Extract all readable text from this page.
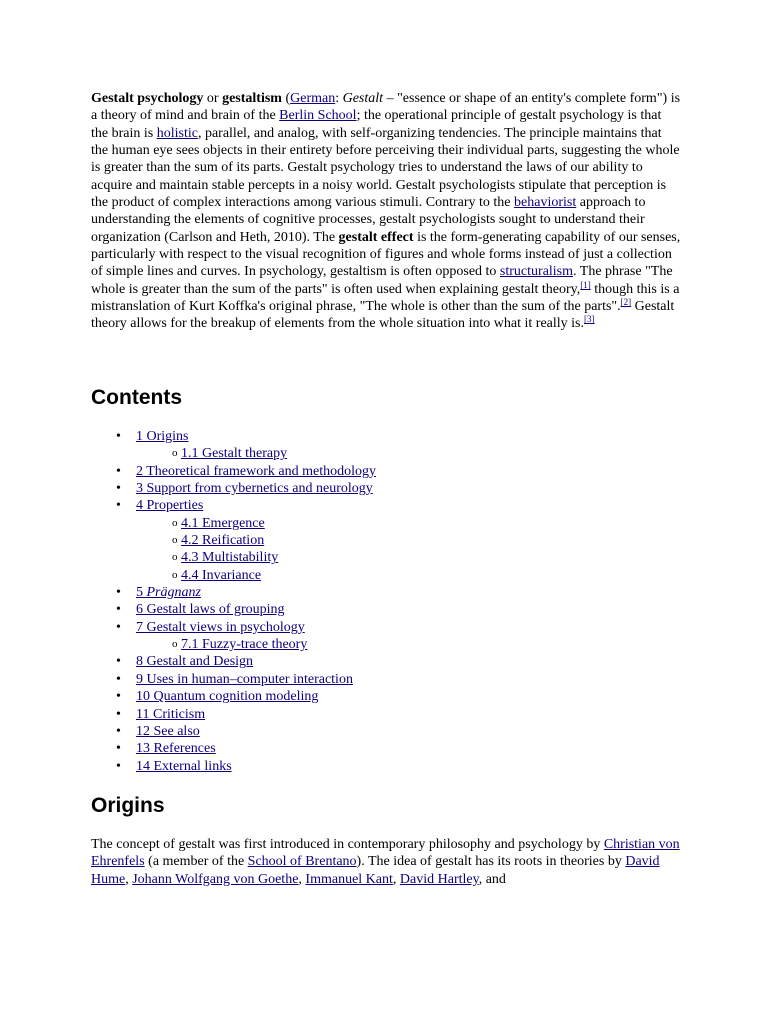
Gestalt psychology or gestaltism (German: Gestalt – "essence or shape of an entity's complete form") is a theory of mind and brain of the Berlin School; the operational principle of gestalt psychology is that the brain is holistic, parallel, and analog, with self-organizing tendencies. The principle maintains that the human eye sees objects in their entirety before perceiving their individual parts, suggesting the whole is greater than the sum of its parts. Gestalt psychology tries to understand the laws of our ability to acquire and maintain stable percepts in a noisy world. Gestalt psychologists stipulate that perception is the product of complex interactions among various stimuli. Contrary to the behaviorist approach to understanding the elements of cognitive processes, gestalt psychologists sought to understand their organization (Carlson and Heth, 2010). The gestalt effect is the form-generating capability of our senses, particularly with respect to the visual recognition of figures and whole forms instead of just a collection of simple lines and curves. In psychology, gestaltism is often opposed to structuralism. The phrase "The whole is greater than the sum of the parts" is often used when explaining gestalt theory,[1] though this is a mistranslation of Kurt Koffka's original phrase, "The whole is other than the sum of the parts".[2] Gestalt theory allows for the breakup of elements from the whole situation into what it really is.[3]

Contents
• 1 Origins
o 1.1 Gestalt therapy
• 2 Theoretical framework and methodology
• 3 Support from cybernetics and neurology
• 4 Properties
o 4.1 Emergence
o 4.2 Reification
o 4.3 Multistability
o 4.4 Invariance
• 5 Prägnanz
• 6 Gestalt laws of grouping
• 7 Gestalt views in psychology
o 7.1 Fuzzy-trace theory
• 8 Gestalt and Design
• 9 Uses in human–computer interaction
• 10 Quantum cognition modeling
• 11 Criticism
• 12 See also
• 13 References
• 14 External links
Origins

The concept of gestalt was first introduced in contemporary philosophy and psychology by Christian von Ehrenfels (a member of the School of Brentano). The idea of gestalt has its roots in theories by David Hume, Johann Wolfgang von Goethe, Immanuel Kant, David Hartley, and
